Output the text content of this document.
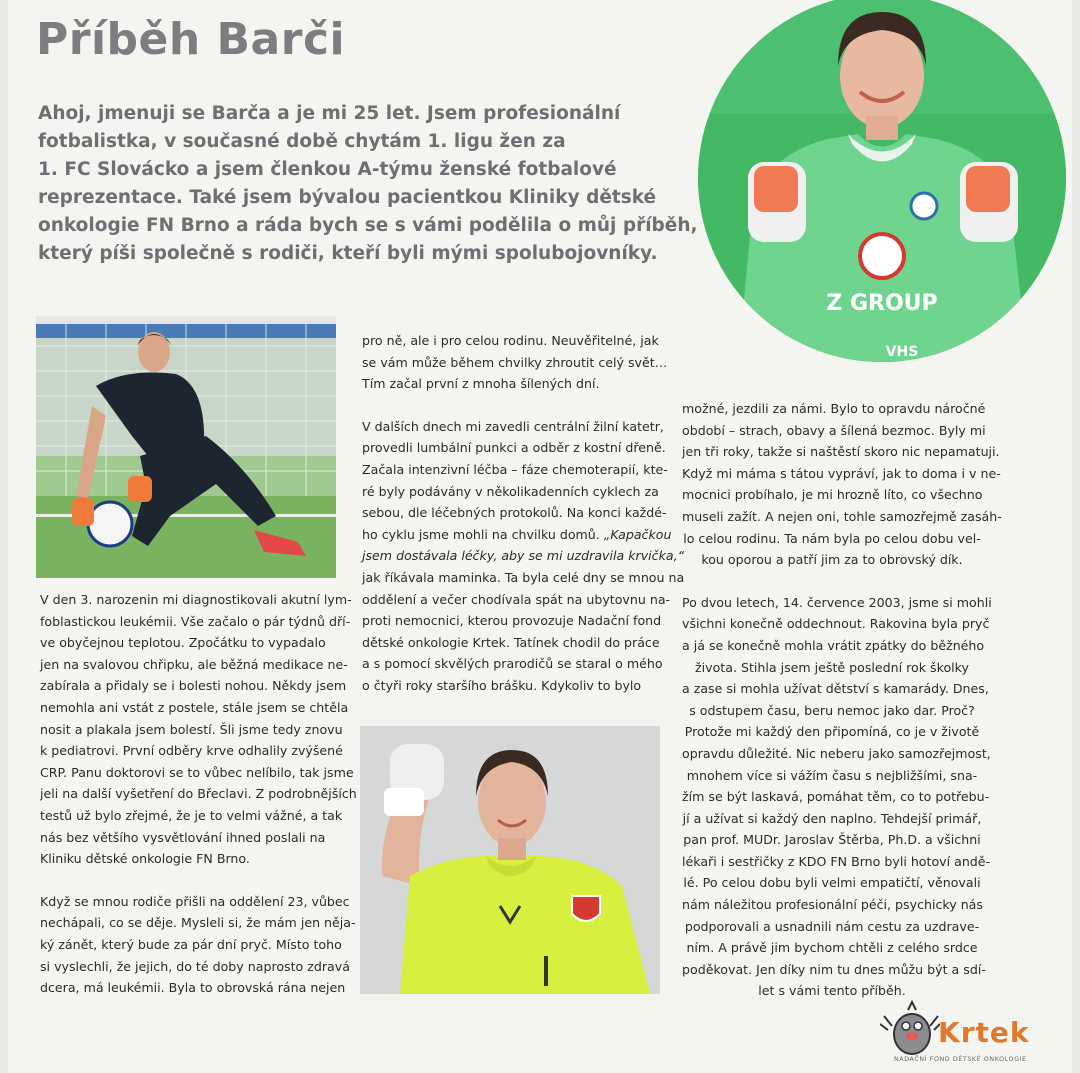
Příběh Barči

Ahoj, jmenuji se Barča a je mi 25 let. Jsem profesionální
fotbalistka, v současné době chytám 1. ligu žen za
1. FC Slovácko a jsem členkou A-týmu ženské fotbalové
reprezentace. Také jsem bývalou pacientkou Kliniky dětské
onkologie FN Brno a ráda bych se s vámi podělila o můj příběh,
který píši společně s rodiči, kteří byli mými spolubojovníky.

Z GROUP
VHS
V den 3. narozenin mi diagnostikovali akutní lym-
foblastickou leukémii. Vše začalo o pár týdnů dří-
ve obyčejnou teplotou. Zpočátku to vypadalo
jen na svalovou chřipku, ale běžná medikace ne-
zabírala a přidaly se i bolesti nohou. Někdy jsem
nemohla ani vstát z postele, stále jsem se chtěla
nosit a plakala jsem bolestí. Šli jsme tedy znovu
k pediatrovi. První odběry krve odhalily zvýšené
CRP. Panu doktorovi se to vůbec nelíbilo, tak jsme
jeli na další vyšetření do Břeclavi. Z podrobnějších
testů už bylo zřejmé, že je to velmi vážné, a tak
nás bez většího vysvětlování ihned poslali na
Kliniku dětské onkologie FN Brno.
Když se mnou rodiče přišli na oddělení 23, vůbec
nechápali, co se děje. Mysleli si, že mám jen něja-
ký zánět, který bude za pár dní pryč. Místo toho
si vyslechli, že jejich, do té doby naprosto zdravá
dcera, má leukémii. Byla to obrovská rána nejen
pro ně, ale i pro celou rodinu. Neuvěřitelné, jak
se vám může během chvilky zhroutit celý svět…
Tím začal první z mnoha šílených dní.
V dalších dnech mi zavedli centrální žilní katetr,
provedli lumbální punkci a odběr z kostní dřeně.
Začala intenzivní léčba – fáze chemoterapií, kte-
ré byly podávány v několikadenních cyklech za
sebou, dle léčebných protokolů. Na konci každé-
ho cyklu jsme mohli na chvilku domů. „Kapačkou
jsem dostávala léčky, aby se mi uzdravila krvička,“
jak říkávala maminka. Ta byla celé dny se mnou na
oddělení a večer chodívala spát na ubytovnu na-
proti nemocnici, kterou provozuje Nadační fond
dětské onkologie Krtek. Tatínek chodil do práce
a s pomocí skvělých prarodičů se staral o mého
o čtyři roky staršího brášku. Kdykoliv to bylo
možné, jezdili za námi. Bylo to opravdu náročné
období – strach, obavy a šílená bezmoc. Byly mi
jen tři roky, takže si naštěstí skoro nic nepamatuji.
Když mi máma s tátou vypráví, jak to doma i v ne-
mocnici probíhalo, je mi hrozně líto, co všechno
museli zažít. A nejen oni, tohle samozřejmě zasáh-
lo celou rodinu. Ta nám byla po celou dobu vel-
kou oporou a patří jim za to obrovský dík.
Po dvou letech, 14. července 2003, jsme si mohli
všichni konečně oddechnout. Rakovina byla pryč
a já se konečně mohla vrátit zpátky do běžného
života. Stihla jsem ještě poslední rok školky
a zase si mohla užívat dětství s kamarády. Dnes,
s odstupem času, beru nemoc jako dar. Proč?
Protože mi každý den připomíná, co je v životě
opravdu důležité. Nic neberu jako samozřejmost,
mnohem více si vážím času s nejbližšími, sna-
žím se být laskavá, pomáhat těm, co to potřebu-
jí a užívat si každý den naplno. Tehdejší primář,
pan prof. MUDr. Jaroslav Štěrba, Ph.D. a všichni
lékaři i sestřičky z KDO FN Brno byli hotoví andě-
lé. Po celou dobu byli velmi empatičtí, věnovali
nám náležitou profesionální péči, psychicky nás
podporovali a usnadnili nám cestu za uzdrave-
ním. A právě jim bychom chtěli z celého srdce
poděkovat. Jen díky nim tu dnes můžu být a sdí-
let s vámi tento příběh.
Krtek
NADAČNÍ FOND DĚTSKÉ ONKOLOGIE
